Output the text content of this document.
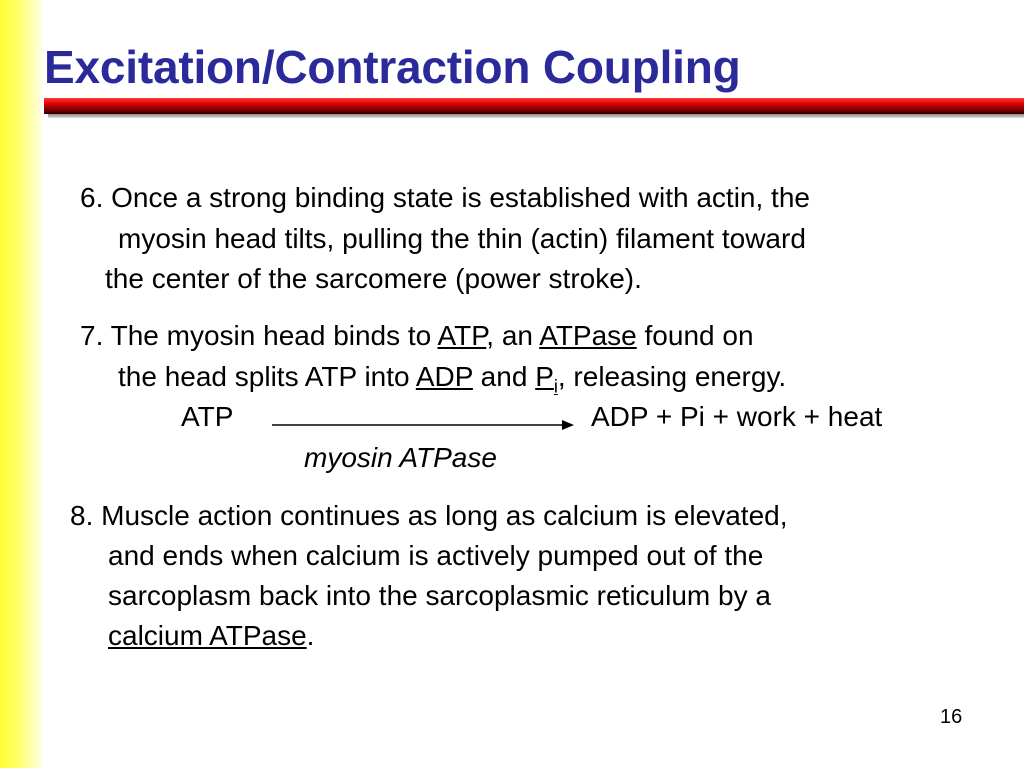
Excitation/Contraction Coupling
6. Once a strong binding state is established with actin, the
myosin head tilts, pulling the thin (actin) filament toward
the center of the sarcomere (power stroke).
7. The myosin head binds to ATP, an ATPase found on
the head splits ATP into ADP and $P_i$, releasing energy.
ATP	ADP + Pi + work + heat
myosin ATPase
8. Muscle action continues as long as calcium is elevated,
and ends when calcium is actively pumped out of the
sarcoplasm back into the sarcoplasmic reticulum by a
calcium ATPase.
16
